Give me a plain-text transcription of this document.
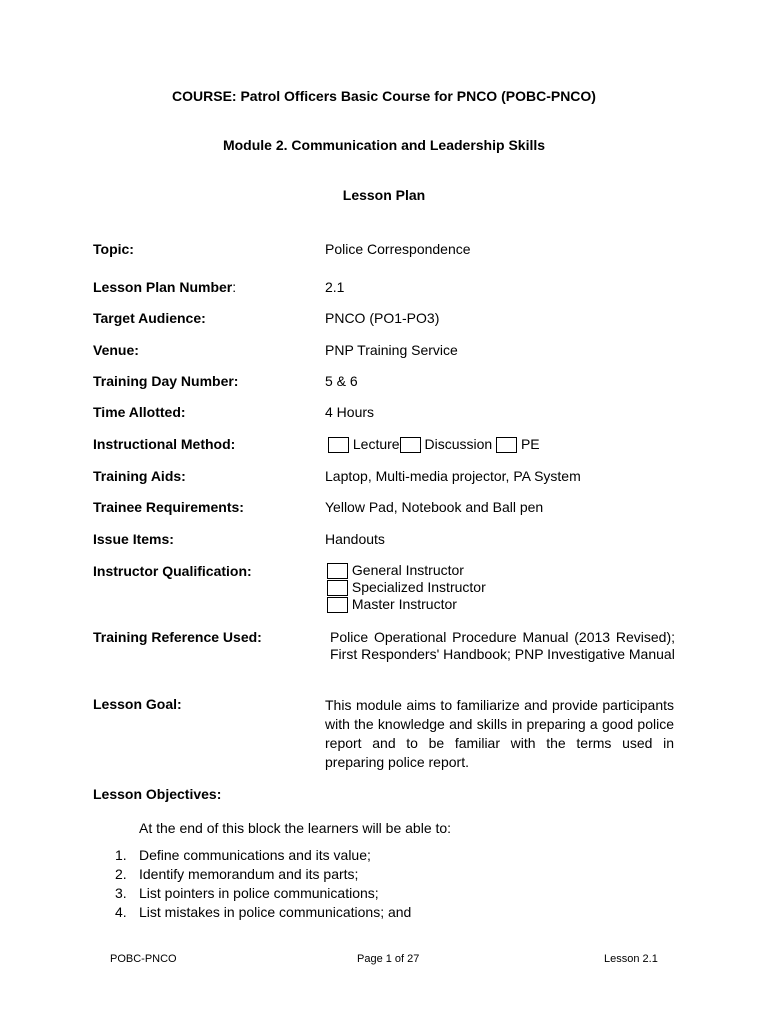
COURSE: Patrol Officers Basic Course for PNCO (POBC-PNCO)
Module 2. Communication and Leadership Skills
Lesson Plan
Topic:	Police Correspondence
Lesson Plan Number:	2.1
Target Audience:	PNCO (PO1-PO3)
Venue:	PNP Training Service
Training Day Number:	5 & 6
Time Allotted:	4 Hours
Instructional Method:	Lecture Discussion PE
Training Aids:	Laptop, Multi-media projector, PA System
Trainee Requirements:	Yellow Pad, Notebook and Ball pen
Issue Items:	Handouts
Instructor Qualification:	General Instructor
Specialized Instructor
Master Instructor
Training Reference Used:	Police Operational Procedure Manual (2013 Revised); First Responders' Handbook; PNP Investigative Manual
Lesson Goal:	This module aims to familiarize and provide participants with the knowledge and skills in preparing a good police report and to be familiar with the terms used in preparing police report.
Lesson Objectives:
At the end of this block the learners will be able to:
1. Define communications and its value;
2. Identify memorandum and its parts;
3. List pointers in police communications;
4. List mistakes in police communications; and
POBC-PNCO	Page 1 of 27	Lesson 2.1
